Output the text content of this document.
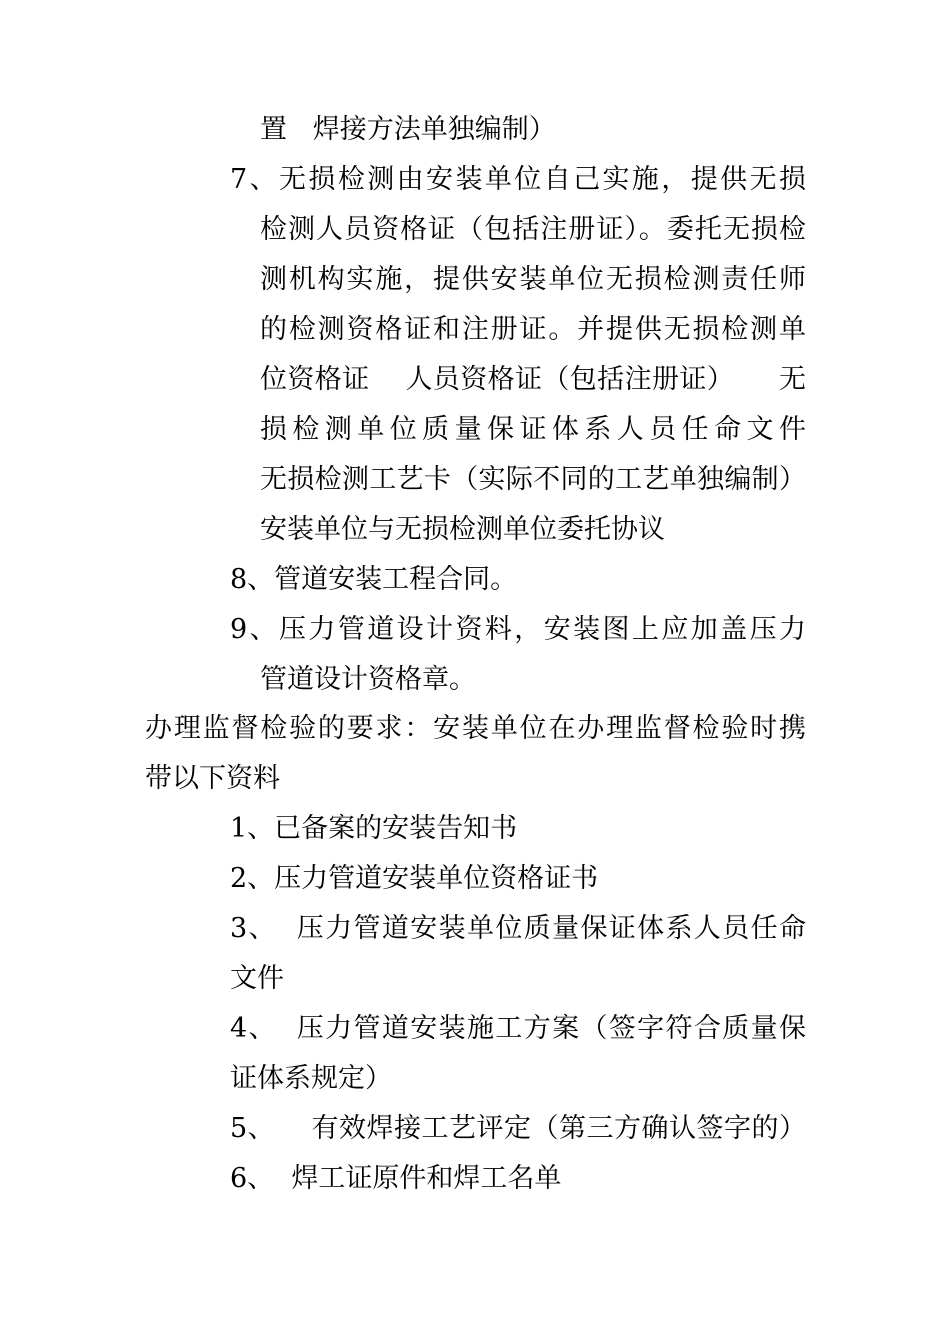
置   焊接方法单独编制）
7、无损检测由安装单位自己实施，提供无损
检测人员资格证（包括注册证）。委托无损检
测机构实施，提供安装单位无损检测责任师
的检测资格证和注册证。并提供无损检测单
位资格证    人员资格证（包括注册证）     无
损检测单位质量保证体系人员任命文件
无损检测工艺卡（实际不同的工艺单独编制）
安装单位与无损检测单位委托协议
8、管道安装工程合同。
9、压力管道设计资料，安装图上应加盖压力
管道设计资格章。
办理监督检验的要求：安装单位在办理监督检验时携
带以下资料
1、已备案的安装告知书
2、压力管道安装单位资格证书
3、  压力管道安装单位质量保证体系人员任命
文件
4、  压力管道安装施工方案（签字符合质量保
证体系规定）
5、    有效焊接工艺评定（第三方确认签字的）
6、  焊工证原件和焊工名单
